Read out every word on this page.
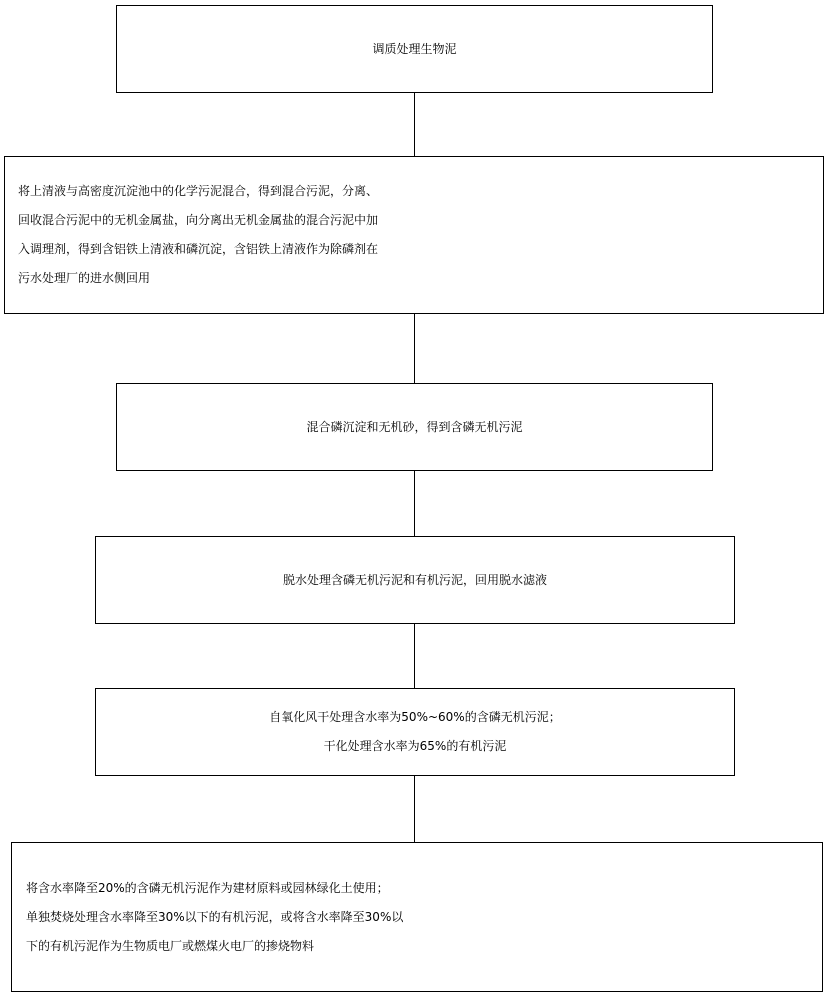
调质处理生物泥
将上清液与高密度沉淀池中的化学污泥混合，得到混合污泥，分离、
回收混合污泥中的无机金属盐，向分离出无机金属盐的混合污泥中加
入调理剂，得到含铝铁上清液和磷沉淀，含铝铁上清液作为除磷剂在
污水处理厂的进水侧回用
混合磷沉淀和无机砂，得到含磷无机污泥
脱水处理含磷无机污泥和有机污泥，回用脱水滤液
自氧化风干处理含水率为50%~60%的含磷无机污泥；
干化处理含水率为65%的有机污泥
将含水率降至20%的含磷无机污泥作为建材原料或园林绿化土使用；
单独焚烧处理含水率降至30%以下的有机污泥，或将含水率降至30%以
下的有机污泥作为生物质电厂或燃煤火电厂的掺烧物料
